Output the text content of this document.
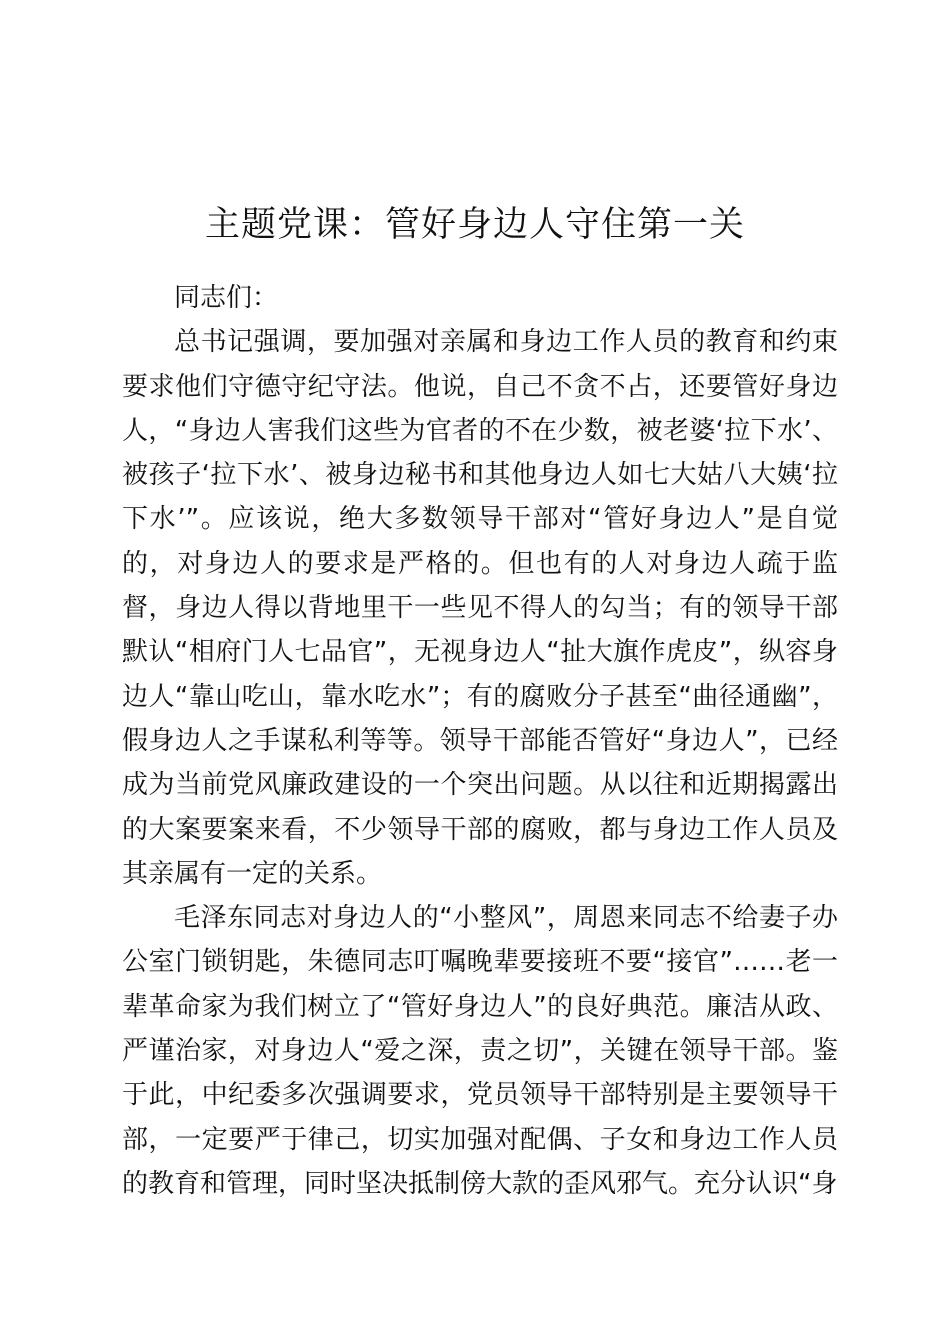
主题党课：管好身边人守住第一关

同志们：

总书记强调，要加强对亲属和身边工作人员的教育和约束要求他们守德守纪守法。他说，自己不贪不占，还要管好身边人，“身边人害我们这些为官者的不在少数，被老婆‘拉下水’、被孩子‘拉下水’、被身边秘书和其他身边人如七大姑八大姨‘拉下水’”。应该说，绝大多数领导干部对“管好身边人”是自觉的，对身边人的要求是严格的。但也有的人对身边人疏于监督，身边人得以背地里干一些见不得人的勾当；有的领导干部默认“相府门人七品官”，无视身边人“扯大旗作虎皮”，纵容身边人“靠山吃山，靠水吃水”；有的腐败分子甚至“曲径通幽”，假身边人之手谋私利等等。领导干部能否管好“身边人”，已经成为当前党风廉政建设的一个突出问题。从以往和近期揭露出的大案要案来看，不少领导干部的腐败，都与身边工作人员及其亲属有一定的关系。

毛泽东同志对身边人的“小整风”，周恩来同志不给妻子办公室门锁钥匙，朱德同志叮嘱晚辈要接班不要“接官”……老一辈革命家为我们树立了“管好身边人”的良好典范。廉洁从政、严谨治家，对身边人“爱之深，责之切”，关键在领导干部。鉴于此，中纪委多次强调要求，党员领导干部特别是主要领导干部，一定要严于律己，切实加强对配偶、子女和身边工作人员的教育和管理，同时坚决抵制傍大款的歪风邪气。充分认识“身
